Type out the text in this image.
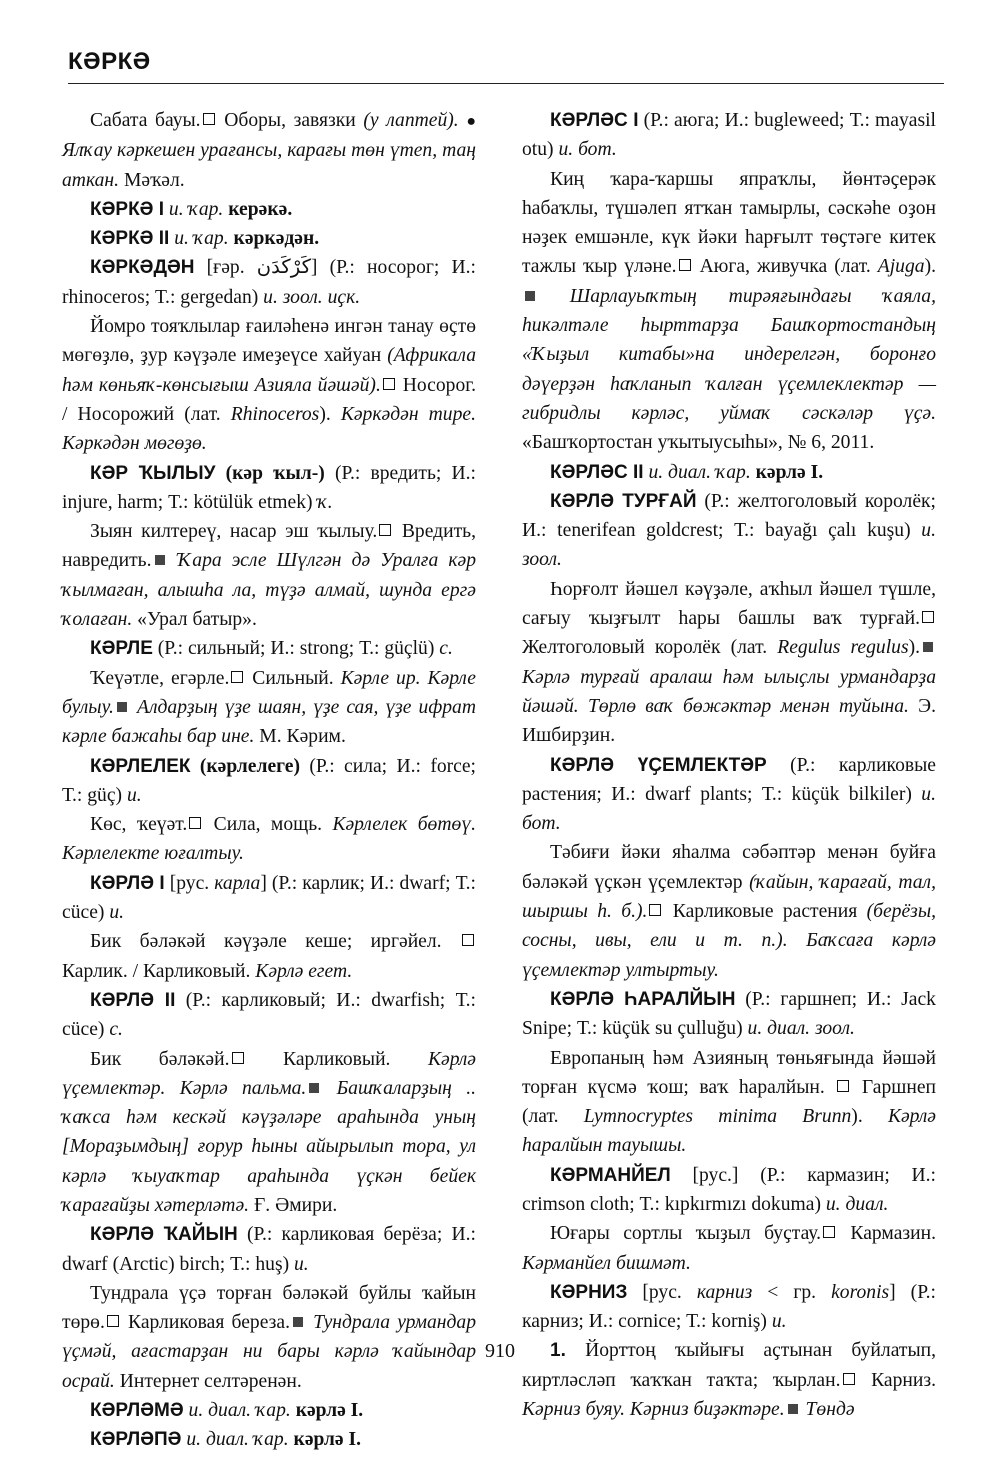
КӘРКӘ

Сабата бауы. Оборы, завязки (у лаптей). ● Ялҡау кәркешен урағансы, карағы төн үтеп, таң аткан. Мәҡәл.

КӘРКӘ I и. ҡар. керәкә.

КӘРКӘ II и. ҡар. кәркәдән.

КӘРКӘДӘН [ғәр. كَرْكَدَن] (Р.: носорог; И.: rhinoceros; Т.: gergedan) и. зоол. иҫк.

Йомро тояҡлылар ғаиләһенә ингән танау өҫтө мөгөҙлө, ҙур кәүҙәле имеҙеүсе хайуан (Африкала һәм көньяҡ-көнсығыш Азияла йәшәй). Носорог. / Носорожий (лат. Rhinoceros). Кәркәдән тире. Кәркәдән мөгөҙө.

КӘР ҠЫЛЫУ (кәр ҡыл-) (Р.: вредить; И.: injure, harm; Т.: kötülük etmek) ҡ.

Зыян килтереү, насар эш ҡылыу. Вредить, навредить. Ҡара эсле Шүлгән дә Уралға кәр ҡылмаған, алышһа ла, түҙә алмай, шунда ергә ҡолаған. «Урал батыр».

КӘРЛЕ (Р.: сильный; И.: strong; Т.: güçlü) с.

Ҡеүәтле, егәрле. Сильный. Кәрле ир. Кәрле булыу. Алдарҙың үҙе шаян, үҙе сая, үҙе ифрат кәрле бажаһы бар ине. М. Кәрим.

КӘРЛЕЛЕК (кәрлелеге) (Р.: сила; И.: force; Т.: güç) и.

Көс, ҡеүәт. Сила, мощь. Кәрлелек бөтөү. Кәрлелекте юғалтыу.

КӘРЛӘ I [рус. карла] (Р.: карлик; И.: dwarf; Т.: cüce) и.

Бик бәләкәй кәүҙәле кеше; иргәйел.  Карлик. / Карликовый. Кәрлә егет.

КӘРЛӘ II (Р.: карликовый; И.: dwarfish; Т.: cüce) с.

Бик бәләкәй. Карликовый. Кәрлә үҫемлектәр. Кәрлә пальма. Башҡаларҙың .. ҡаҡса һәм кескәй кәүҙәләре араһында уның [Мораҙымдың] ғорур һыны айырылып тора, ул кәрлә ҡыуаҡтар араһында үҫкән бейек ҡарағайҙы хәтерләтә. Ғ. Әмири.

КӘРЛӘ ҠАЙЫН (Р.: карликовая берёза; И.: dwarf (Arctic) birch; Т.: huş) и.

Тундрала үҫә торған бәләкәй буйлы ҡайын төрө. Карликовая береза. Тундрала урмандар үҫмәй, ағастарҙан ни бары кәрлә ҡайындар осрай. Интернет селтәренән.

КӘРЛӘМӘ и. диал. ҡар. кәрлә I.

КӘРЛӘПӘ и. диал. ҡар. кәрлә I.

КӘРЛӘС I (Р.: аюга; И.: bugleweed; Т.: mayasil otu) и. бот.

Киң ҡара-ҡаршы япраҡлы, йөнтәҫерәк һабаҡлы, түшәлеп ятҡан тамырлы, сәскәһе оҙон нәҙек емшәнле, күк йәки һарғылт төҫтәге китек тажлы ҡыр үләне. Аюга, живучка (лат. Ajuga). Шарлауыҡтың тирәяғындағы ҡаяла, һикәлтәле һырттарҙа Башҡортостандың «Ҡыҙыл китабы»на индерелгән, боронғо дәүерҙән һаҡланып ҡалған үҫемлеклектәр — гибридлы кәрләс, уймаҡ сәскәләр үҫә. «Башҡортостан уҡытыусыһы», № 6, 2011.

КӘРЛӘС II и. диал. ҡар. кәрлә I.

КӘРЛӘ ТУРҒАЙ (Р.: желтоголовый королёк; И.: tenerifean goldcrest; Т.: bayağı çalı kuşu) и. зоол.

Һорғолт йәшел кәүҙәле, аҡһыл йәшел түшле, сағыу ҡыҙғылт һары башлы ваҡ турғай. Желтоголовый королёк (лат. Regulus regulus). Кәрлә турғай аралаш һәм ылыҫлы урмандарҙа йәшәй. Төрлө ваҡ бөжәктәр менән туйына. Э. Ишбирҙин.

КӘРЛӘ ҮҪЕМЛЕКТӘР (Р.: карликовые растения; И.: dwarf plants; Т.: küçük bilkiler) и. бот.

Тәбиғи йәки яһалма сәбәптәр менән буйға бәләкәй үҫкән үҫемлектәр (ҡайын, ҡарағай, тал, шыршы һ. б.). Карликовые растения (берёзы, сосны, ивы, ели и т. п.). Баҡсаға кәрлә үҫемлектәр ултыртыу.

КӘРЛӘ ҺАРАЛЙЫН (Р.: гаршнеп; И.: Jack Snipe; Т.: küçük su çulluğu) и. диал. зоол.

Европаның һәм Азияның төньяғында йәшәй торған күсмә ҡош; ваҡ һаралйын.  Гаршнеп (лат. Lymnocryptes minima Brunn). Кәрлә һаралйын тауышы.

КӘРМАНЙЕЛ [рус.] (Р.: кармазин; И.: crimson cloth; Т.: kıpkırmızı dokuma) и. диал.

Юғары сортлы ҡыҙыл буҫтау. Кармазин. Кәрманйел бишмәт.

КӘРНИЗ [рус. карниз < гр. koronis] (Р.: карниз; И.: cornice; Т.: korniş) и.

1. Йорттоң ҡыйығы аҫтынан буйлатып, киртләсләп ҡаҡҡан таҡта; ҡырлан. Карниз. Кәрниз буяу. Кәрниз биҙәктәре. Төндә

910
